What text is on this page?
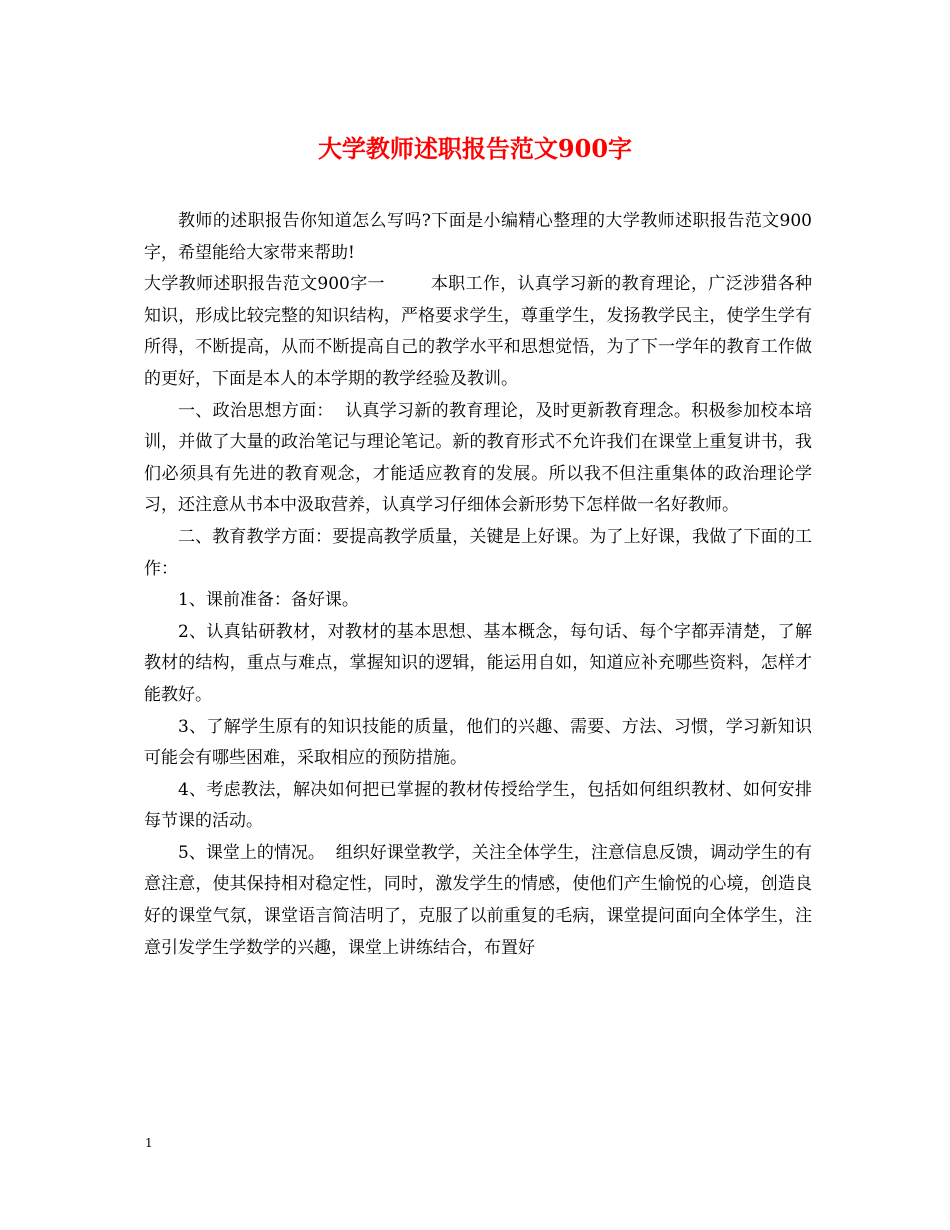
大学教师述职报告范文900字

教师的述职报告你知道怎么写吗?下面是小编精心整理的大学教师述职报告范文900字，希望能给大家带来帮助!

大学教师述职报告范文900字一        本职工作，认真学习新的教育理论，广泛涉猎各种知识，形成比较完整的知识结构，严格要求学生，尊重学生，发扬教学民主，使学生学有所得，不断提高，从而不断提高自己的教学水平和思想觉悟，为了下一学年的教育工作做的更好，下面是本人的本学期的教学经验及教训。

一、政治思想方面：  认真学习新的教育理论，及时更新教育理念。积极参加校本培训，并做了大量的政治笔记与理论笔记。新的教育形式不允许我们在课堂上重复讲书，我们必须具有先进的教育观念，才能适应教育的发展。所以我不但注重集体的政治理论学习，还注意从书本中汲取营养，认真学习仔细体会新形势下怎样做一名好教师。

二、教育教学方面：要提高教学质量，关键是上好课。为了上好课，我做了下面的工作：

1、课前准备：备好课。

2、认真钻研教材，对教材的基本思想、基本概念，每句话、每个字都弄清楚，了解教材的结构，重点与难点，掌握知识的逻辑，能运用自如，知道应补充哪些资料，怎样才能教好。

3、了解学生原有的知识技能的质量，他们的兴趣、需要、方法、习惯，学习新知识可能会有哪些困难，采取相应的预防措施。

4、考虑教法，解决如何把已掌握的教材传授给学生，包括如何组织教材、如何安排每节课的活动。

5、课堂上的情况。  组织好课堂教学，关注全体学生，注意信息反馈，调动学生的有意注意，使其保持相对稳定性，同时，激发学生的情感，使他们产生愉悦的心境，创造良好的课堂气氛，课堂语言简洁明了，克服了以前重复的毛病，课堂提问面向全体学生，注意引发学生学数学的兴趣，课堂上讲练结合，布置好

1
